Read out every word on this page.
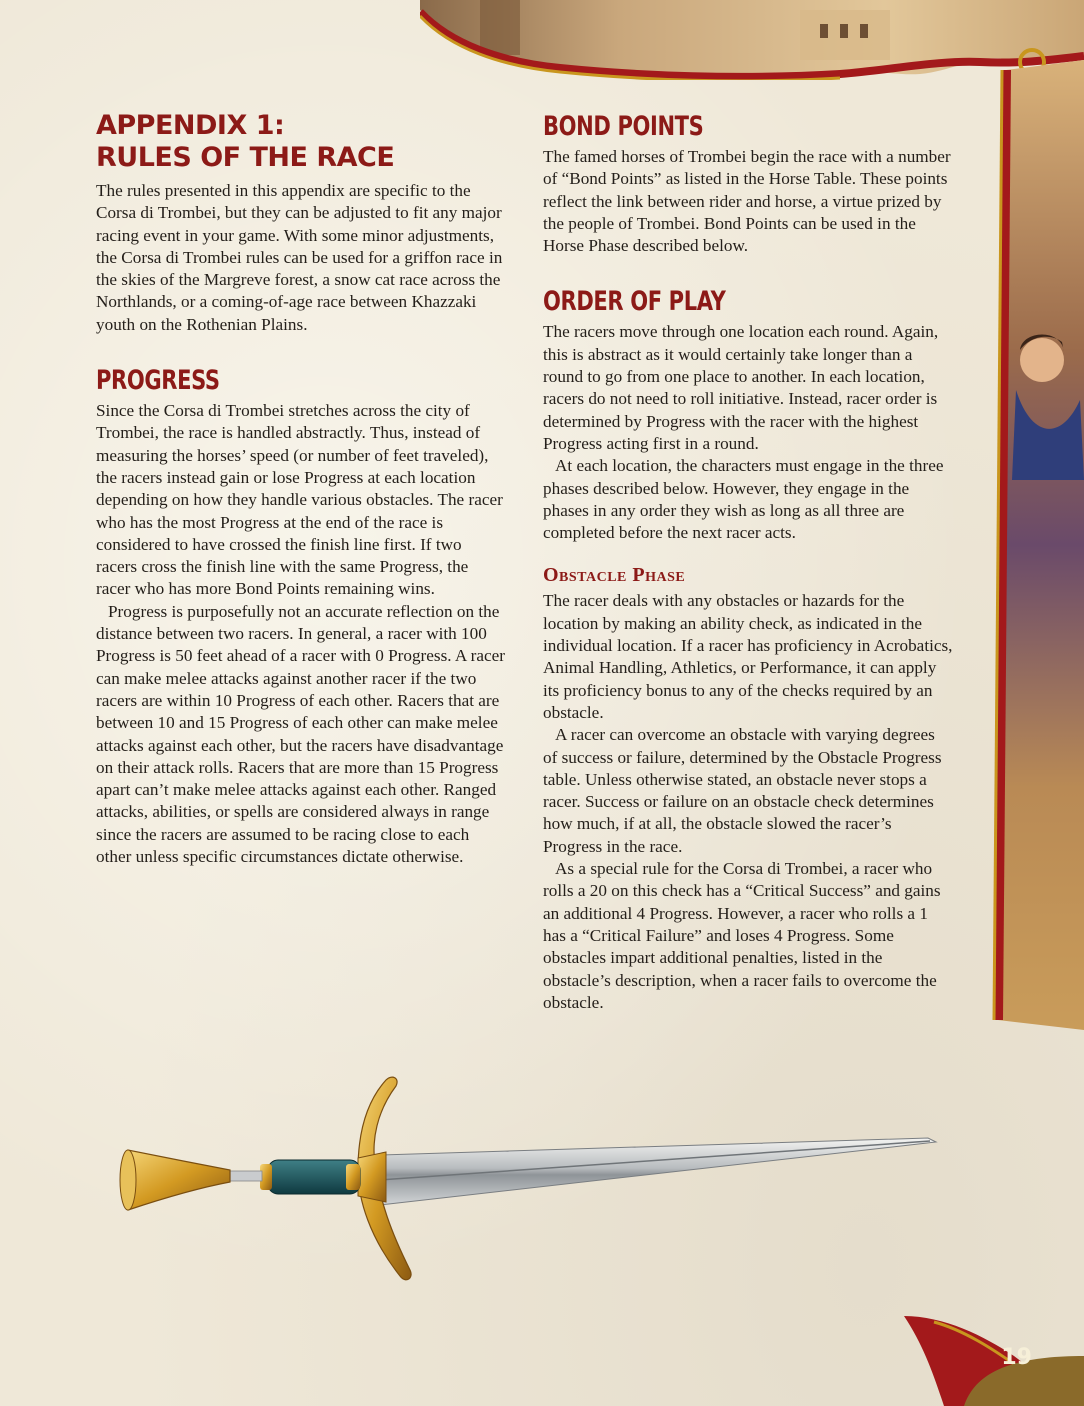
19
APPENDIX 1:
RULES OF THE RACE

The rules presented in this appendix are specific to the Corsa di Trombei, but they can be adjusted to fit any major racing event in your game. With some minor adjustments, the Corsa di Trombei rules can be used for a griffon race in the skies of the Margreve forest, a snow cat race across the Northlands, or a coming-of-age race between Khazzaki youth on the Rothenian Plains.

PROGRESS

Since the Corsa di Trombei stretches across the city of Trombei, the race is handled abstractly. Thus, instead of measuring the horses’ speed (or number of feet traveled), the racers instead gain or lose Progress at each location depending on how they handle various obstacles. The racer who has the most Progress at the end of the race is considered to have crossed the finish line first. If two racers cross the finish line with the same Progress, the racer who has more Bond Points remaining wins.

Progress is purposefully not an accurate reflection on the distance between two racers. In general, a racer with 100 Progress is 50 feet ahead of a racer with 0 Progress. A racer can make melee attacks against another racer if the two racers are within 10 Progress of each other. Racers that are between 10 and 15 Progress of each other can make melee attacks against each other, but the racers have disadvantage on their attack rolls. Racers that are more than 15 Progress apart can’t make melee attacks against each other. Ranged attacks, abilities, or spells are considered always in range since the racers are assumed to be racing close to each other unless specific circumstances dictate otherwise.

BOND POINTS

The famed horses of Trombei begin the race with a number of “Bond Points” as listed in the Horse Table. These points reflect the link between rider and horse, a virtue prized by the people of Trombei. Bond Points can be used in the Horse Phase described below.

ORDER OF PLAY

The racers move through one location each round. Again, this is abstract as it would certainly take longer than a round to go from one place to another. In each location, racers do not need to roll initiative. Instead, racer order is determined by Progress with the racer with the highest Progress acting first in a round.

At each location, the characters must engage in the three phases described below. However, they engage in the phases in any order they wish as long as all three are completed before the next racer acts.

Obstacle Phase

The racer deals with any obstacles or hazards for the location by making an ability check, as indicated in the individual location. If a racer has proficiency in Acrobatics, Animal Handling, Athletics, or Performance, it can apply its proficiency bonus to any of the checks required by an obstacle.

A racer can overcome an obstacle with varying degrees of success or failure, determined by the Obstacle Progress table. Unless otherwise stated, an obstacle never stops a racer. Success or failure on an obstacle check determines how much, if at all, the obstacle slowed the racer’s Progress in the race.

As a special rule for the Corsa di Trombei, a racer who rolls a 20 on this check has a “Critical Success” and gains an additional 4 Progress. However, a racer who rolls a 1 has a “Critical Failure” and loses 4 Progress. Some obstacles impart additional penalties, listed in the obstacle’s description, when a racer fails to overcome the obstacle.
